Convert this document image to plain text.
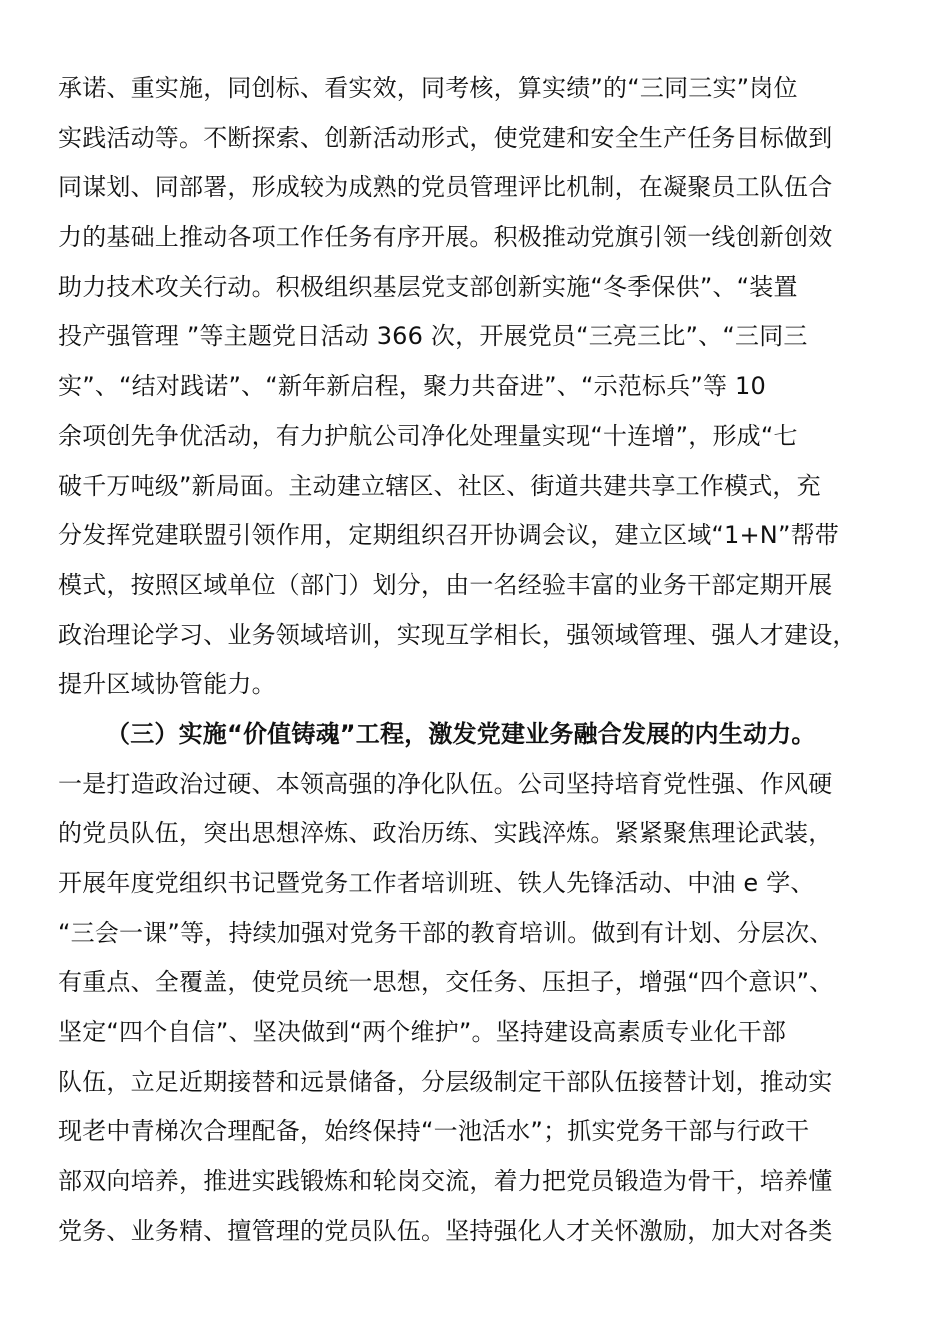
承诺、重实施，同创标、看实效，同考核，算实绩”的“三同三实”岗位
实践活动等。不断探索、创新活动形式，使党建和安全生产任务目标做到
同谋划、同部署，形成较为成熟的党员管理评比机制，在凝聚员工队伍合
力的基础上推动各项工作任务有序开展。积极推动党旗引领一线创新创效
助力技术攻关行动。积极组织基层党支部创新实施“冬季保供”、“装置
投产强管理 ”等主题党日活动 366 次，开展党员“三亮三比”、“三同三
实”、“结对践诺”、“新年新启程，聚力共奋进”、“示范标兵”等 10
余项创先争优活动，有力护航公司净化处理量实现“十连增”，形成“七
破千万吨级”新局面。主动建立辖区、社区、街道共建共享工作模式，充
分发挥党建联盟引领作用，定期组织召开协调会议，建立区域“1+N”帮带
模式，按照区域单位（部门）划分，由一名经验丰富的业务干部定期开展
政治理论学习、业务领域培训，实现互学相长，强领域管理、强人才建设，
提升区域协管能力。
（三）实施“价值铸魂”工程，激发党建业务融合发展的内生动力。
一是打造政治过硬、本领高强的净化队伍。公司坚持培育党性强、作风硬
的党员队伍，突出思想淬炼、政治历练、实践淬炼。紧紧聚焦理论武装，
开展年度党组织书记暨党务工作者培训班、铁人先锋活动、中油 e 学、
“三会一课”等，持续加强对党务干部的教育培训。做到有计划、分层次、
有重点、全覆盖，使党员统一思想，交任务、压担子，增强“四个意识”、
坚定“四个自信”、坚决做到“两个维护”。坚持建设高素质专业化干部
队伍，立足近期接替和远景储备，分层级制定干部队伍接替计划，推动实
现老中青梯次合理配备，始终保持“一池活水”；抓实党务干部与行政干
部双向培养，推进实践锻炼和轮岗交流，着力把党员锻造为骨干，培养懂
党务、业务精、擅管理的党员队伍。坚持强化人才关怀激励，加大对各类
